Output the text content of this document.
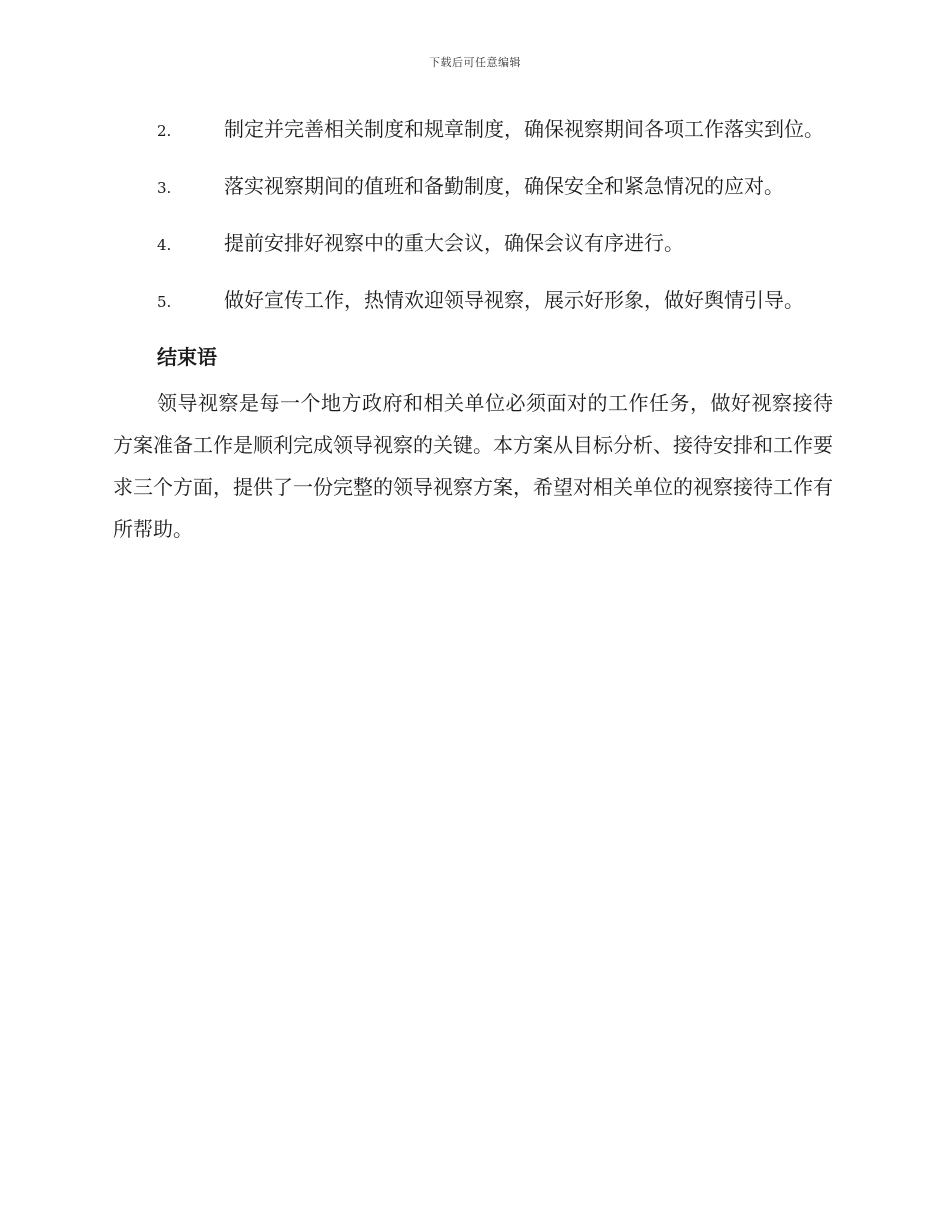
下载后可任意编辑

2.	制定并完善相关制度和规章制度，确保视察期间各项工作落实到位。

3.	落实视察期间的值班和备勤制度，确保安全和紧急情况的应对。

4.	提前安排好视察中的重大会议，确保会议有序进行。

5.	做好宣传工作，热情欢迎领导视察，展示好形象，做好舆情引导。

结束语

领导视察是每一个地方政府和相关单位必须面对的工作任务，做好视察接待方案准备工作是顺利完成领导视察的关键。本方案从目标分析、接待安排和工作要求三个方面，提供了一份完整的领导视察方案，希望对相关单位的视察接待工作有所帮助。
